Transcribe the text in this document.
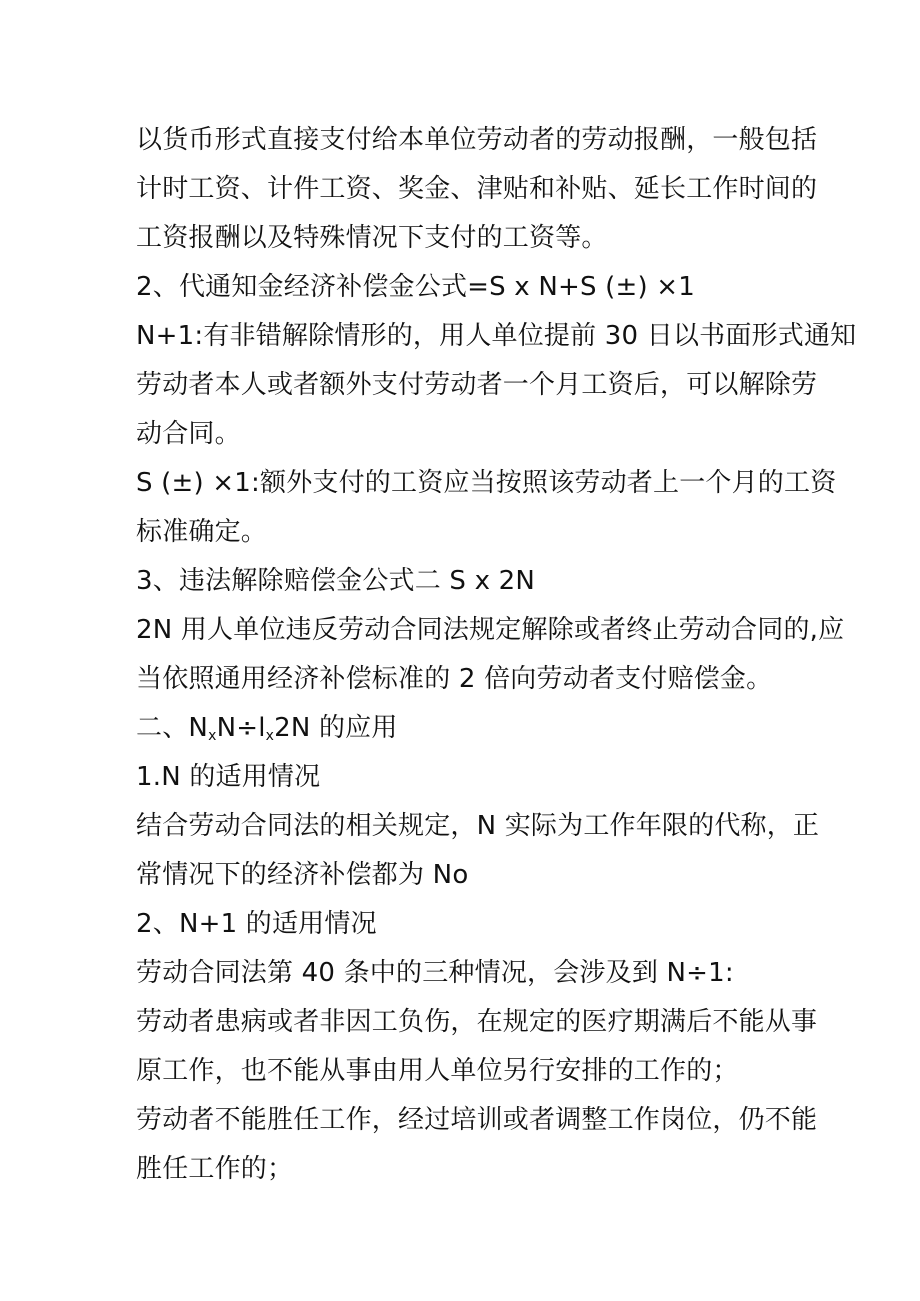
以货币形式直接支付给本单位劳动者的劳动报酬，一般包括
计时工资、计件工资、奖金、津贴和补贴、延长工作时间的
工资报酬以及特殊情况下支付的工资等。
2、代通知金经济补偿金公式=S x N+S (±) ×1
N+1:有非错解除情形的，用人单位提前 30 日以书面形式通知
劳动者本人或者额外支付劳动者一个月工资后，可以解除劳
动合同。
S (±) ×1:额外支付的工资应当按照该劳动者上一个月的工资
标准确定。
3、违法解除赔偿金公式二 S x 2N
2N 用人单位违反劳动合同法规定解除或者终止劳动合同的,应
当依照通用经济补偿标准的 2 倍向劳动者支付赔偿金。
二、$N_xN\div l_x2N$ 的应用
1.N 的适用情况
结合劳动合同法的相关规定，N 实际为工作年限的代称，正
常情况下的经济补偿都为 No
2、N+1 的适用情况
劳动合同法第 40 条中的三种情况，会涉及到 N÷1:
劳动者患病或者非因工负伤，在规定的医疗期满后不能从事
原工作，也不能从事由用人单位另行安排的工作的；
劳动者不能胜任工作，经过培训或者调整工作岗位，仍不能
胜任工作的；
